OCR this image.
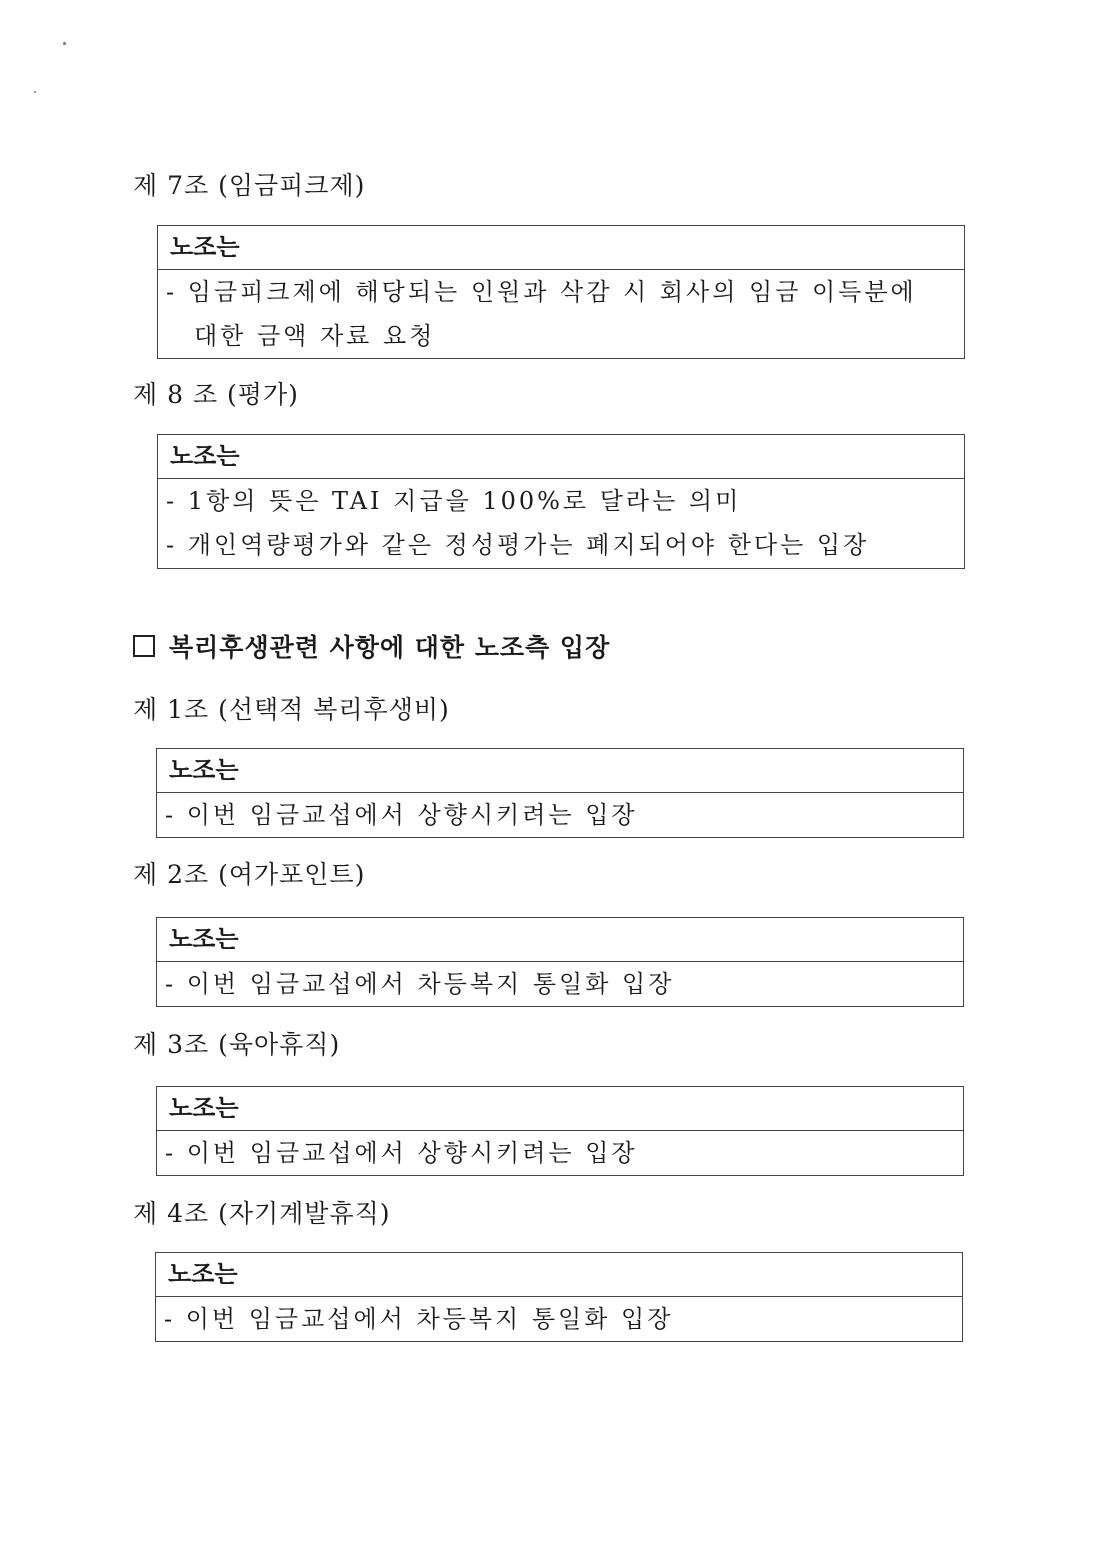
제 7조 (임금피크제)
노조는
- 임금피크제에 해당되는 인원과 삭감 시 회사의 임금 이득분에
대한 금액 자료 요청
제 8 조 (평가)
노조는
- 1항의 뜻은 TAI 지급을 100%로 달라는 의미
- 개인역량평가와 같은 정성평가는 폐지되어야 한다는 입장
복리후생관련 사항에 대한 노조측 입장
제 1조 (선택적 복리후생비)
노조는
- 이번 임금교섭에서 상향시키려는 입장
제 2조 (여가포인트)
노조는
- 이번 임금교섭에서 차등복지 통일화 입장
제 3조 (육아휴직)
노조는
- 이번 임금교섭에서 상향시키려는 입장
제 4조 (자기계발휴직)
노조는
- 이번 임금교섭에서 차등복지 통일화 입장
